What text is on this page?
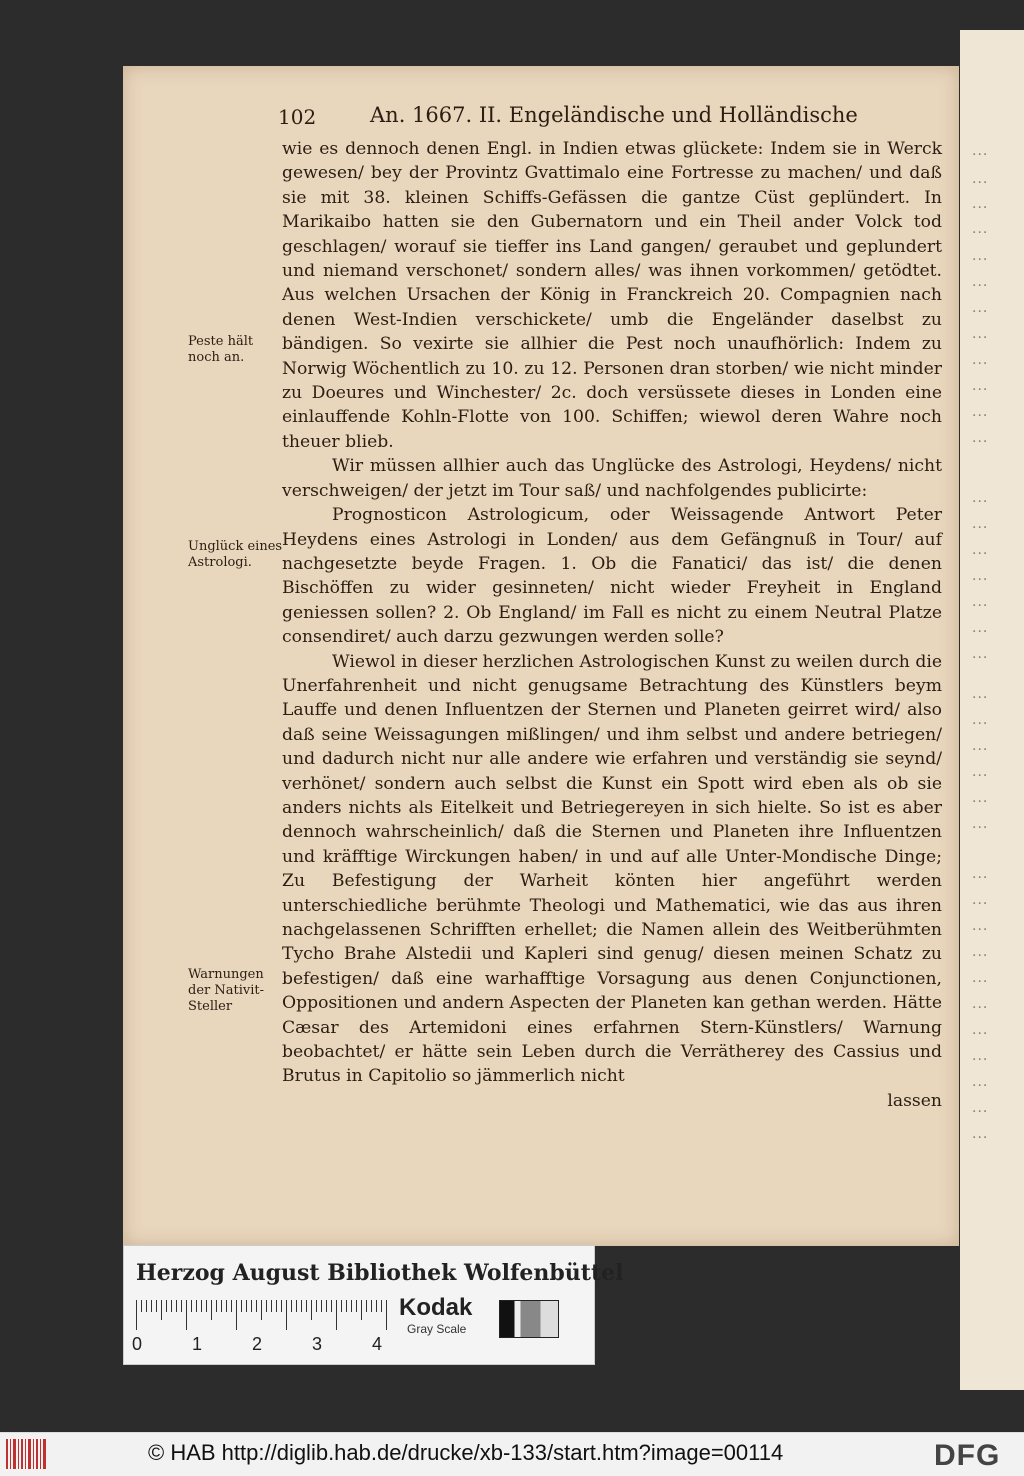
···
···
···
···
···
···
···
···
···
···
···
···
···
···
···
···
···
···
···
···
···
···
···
···
···
···
···
···
···
···
···
···
···
···
···
···
102	An. 1667. II. Engeländische und Holländische

wie es dennoch denen Engl. in Indien etwas glückete: Indem sie in Werck gewesen/ bey der Provintz Gvattimalo eine Fortresse zu machen/ und daß sie mit 38. kleinen Schiffs-Gefässen die gantze Cüst geplündert. In Marikaibo hatten sie den Gubernatorn und ein Theil ander Volck tod geschlagen/ worauf sie tieffer ins Land gangen/ geraubet und geplundert und niemand verschonet/ sondern alles/ was ihnen vorkommen/ getödtet. Aus welchen Ursachen der König in Franckreich 20. Compagnien nach denen West-Indien verschickete/ umb die Engeländer daselbst zu bändigen. So vexirte sie allhier die Pest noch unaufhörlich: Indem zu Norwig Wöchentlich zu 10. zu 12. Personen dran storben/ wie nicht minder zu Doeures und Winchester/ 2c. doch versüssete dieses in Londen eine einlauffende Kohln-Flotte von 100. Schiffen; wiewol deren Wahre noch theuer blieb.

Wir müssen allhier auch das Unglücke des Astrologi, Heydens/ nicht verschweigen/ der jetzt im Tour saß/ und nachfolgendes publicirte:

Prognosticon Astrologicum, oder Weissagende Antwort Peter Heydens eines Astrologi in Londen/ aus dem Gefängnuß in Tour/ auf nachgesetzte beyde Fragen. 1. Ob die Fanatici/ das ist/ die denen Bischöffen zu wider gesinneten/ nicht wieder Freyheit in England geniessen sollen? 2. Ob England/ im Fall es nicht zu einem Neutral Platze consendiret/ auch darzu gezwungen werden solle?

Wiewol in dieser herzlichen Astrologischen Kunst zu weilen durch die Unerfahrenheit und nicht genugsame Betrachtung des Künstlers beym Lauffe und denen Influentzen der Sternen und Planeten geirret wird/ also daß seine Weissagungen mißlingen/ und ihm selbst und andere betriegen/ und dadurch nicht nur alle andere wie erfahren und verständig sie seynd/ verhönet/ sondern auch selbst die Kunst ein Spott wird eben als ob sie anders nichts als Eitelkeit und Betriegereyen in sich hielte. So ist es aber dennoch wahrscheinlich/ daß die Sternen und Planeten ihre Influentzen und kräfftige Wirckungen haben/ in und auf alle Unter-Mondische Dinge; Zu Befestigung der Warheit könten hier angeführt werden unterschiedliche berühmte Theologi und Mathematici, wie das aus ihren nachgelassenen Schrifften erhellet; die Namen allein des Weitberühmten Tycho Brahe Alstedii und Kapleri sind genug/ diesen meinen Schatz zu befestigen/ daß eine warhafftige Vorsagung aus denen Conjunctionen, Oppositionen und andern Aspecten der Planeten kan gethan werden. Hätte Cæsar des Artemidoni eines erfahrnen Stern-Künstlers/ Warnung beobachtet/ er hätte sein Leben durch die Verrätherey des Cassius und Brutus in Capitolio so jämmerlich nicht

lassen

Peste hält noch an.
Unglück eines Astrologi.
Warnungen der Nativit-Steller
Herzog August Bibliothek Wolfenbüttel
0	1	2	3	4
Kodak
Gray Scale
© HAB http://diglib.hab.de/drucke/xb-133/start.htm?image=00114	DFG
